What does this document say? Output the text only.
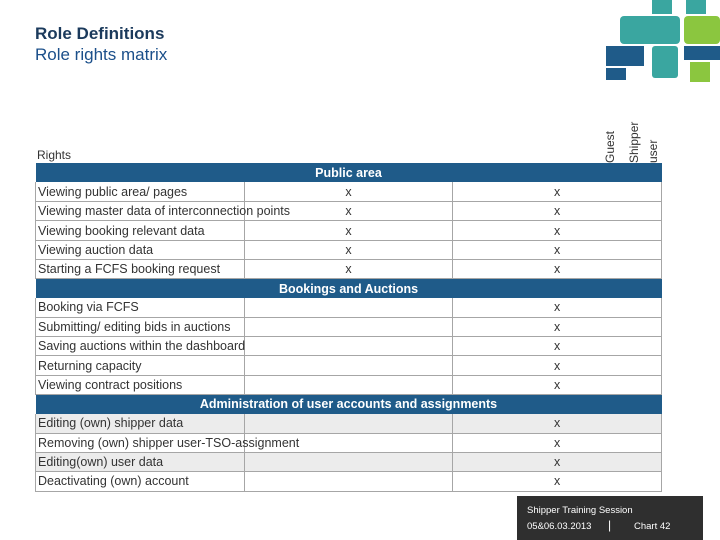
Role Definitions
Role rights matrix
Rights	Guest Shipper user
Public area		
Viewing public area/ pages	x	x
Viewing master data of interconnection points	x	x
Viewing booking relevant data	x	x
Viewing auction data	x	x
Starting a FCFS booking request	x	x
Bookings and Auctions		
Booking via FCFS		x
Submitting/ editing bids in auctions		x
Saving auctions within the dashboard		x
Returning capacity		x
Viewing contract positions		x
Administration of user accounts and assignments		
Editing (own) shipper data		x
Removing (own) shipper user-TSO-assignment		x
Editing(own) user data		x
Deactivating (own) account		x
Shipper Training Session
05&06.03.2013 | Chart 42
